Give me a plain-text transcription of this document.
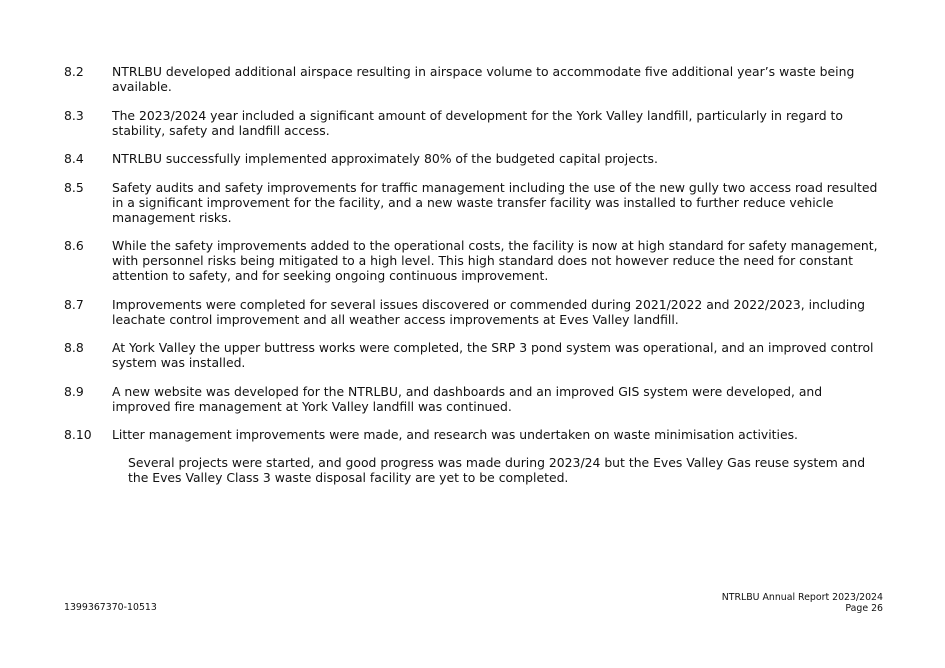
8.2	NTRLBU developed additional airspace resulting in airspace volume to accommodate five additional year’s waste being available.
8.3	The 2023/2024 year included a significant amount of development for the York Valley landfill, particularly in regard to stability, safety and landfill access.
8.4	NTRLBU successfully implemented approximately 80% of the budgeted capital projects.
8.5	Safety audits and safety improvements for traffic management including the use of the new gully two access road resulted in a significant improvement for the facility, and a new waste transfer facility was installed to further reduce vehicle management risks.
8.6	While the safety improvements added to the operational costs, the facility is now at high standard for safety management, with personnel risks being mitigated to a high level. This high standard does not however reduce the need for constant attention to safety, and for seeking ongoing continuous improvement.
8.7	Improvements were completed for several issues discovered or commended during 2021/2022 and 2022/2023, including leachate control improvement and all weather access improvements at Eves Valley landfill.
8.8	At York Valley the upper buttress works were completed, the SRP 3 pond system was operational, and an improved control system was installed.
8.9	A new website was developed for the NTRLBU, and dashboards and an improved GIS system were developed, and improved fire management at York Valley landfill was continued.
8.10	Litter management improvements were made, and research was undertaken on waste minimisation activities.
Several projects were started, and good progress was made during 2023/24 but the Eves Valley Gas reuse system and the Eves Valley Class 3 waste disposal facility are yet to be completed.
1399367370-10513
NTRLBU Annual Report 2023/2024
Page 26
